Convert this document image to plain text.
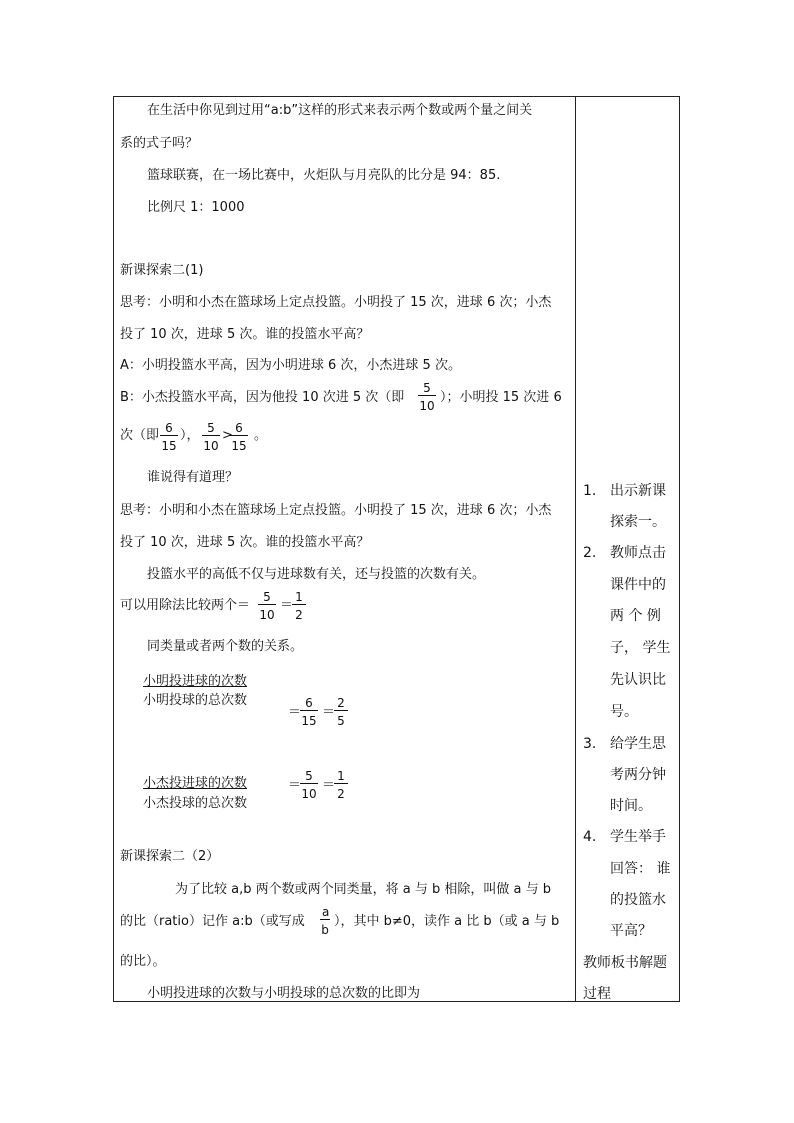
在生活中你见到过用“a:b”这样的形式来表示两个数或两个量之间关
系的式子吗？
篮球联赛，在一场比赛中，火炬队与月亮队的比分是 94：85.
比例尺 1：1000
新课探索二(1)
思考：小明和小杰在篮球场上定点投篮。小明投了 15 次，进球 6 次；小杰
投了 10 次，进球 5 次。谁的投篮水平高？
A：小明投篮水平高，因为小明进球 6 次，小杰进球 5 次。
B：小杰投篮水平高，因为他投 10 次进 5 次（即 $\frac{5}{10}$ ）；小明投 15 次进 6
次（即 $\frac{6}{15}$ ）， $\frac{5}{10}$ >
$\frac{6}{15}$ 。
谁说得有道理？
思考：小明和小杰在篮球场上定点投篮。小明投了 15 次，进球 6 次；小杰
投了 10 次，进球 5 次。谁的投篮水平高？
投篮水平的高低不仅与进球数有关，还与投篮的次数有关。
可以用除法比较两个＝ $\frac{5}{10}$ ＝
$\frac{1}{2}$
同类量或者两个数的关系。
小明投进球的次数
小明投球的总次数
＝
$\frac{6}{15}$ ＝
$\frac{2}{5}$
小杰投进球的次数
小杰投球的总次数
＝
$\frac{5}{10}$ ＝
$\frac{1}{2}$
新课探索二（2）
为了比较 a,b 两个数或两个同类量，将 a 与 b 相除，叫做 a 与 b
的比（ratio）记作 a:b（或写成 $\frac{a}{b}$ ），其中 b≠0，读作 a 比 b（或 a 与 b
的比）。
小明投进球的次数与小明投球的总次数的比即为
1. 出示新课
探索一。
2. 教师点击
课件中的
两 个 例
子， 学生
先认识比
号。
3. 给学生思
考两分钟
时间。
4. 学生举手
回答： 谁
的投篮水
平高？
教师板书解题
过程
